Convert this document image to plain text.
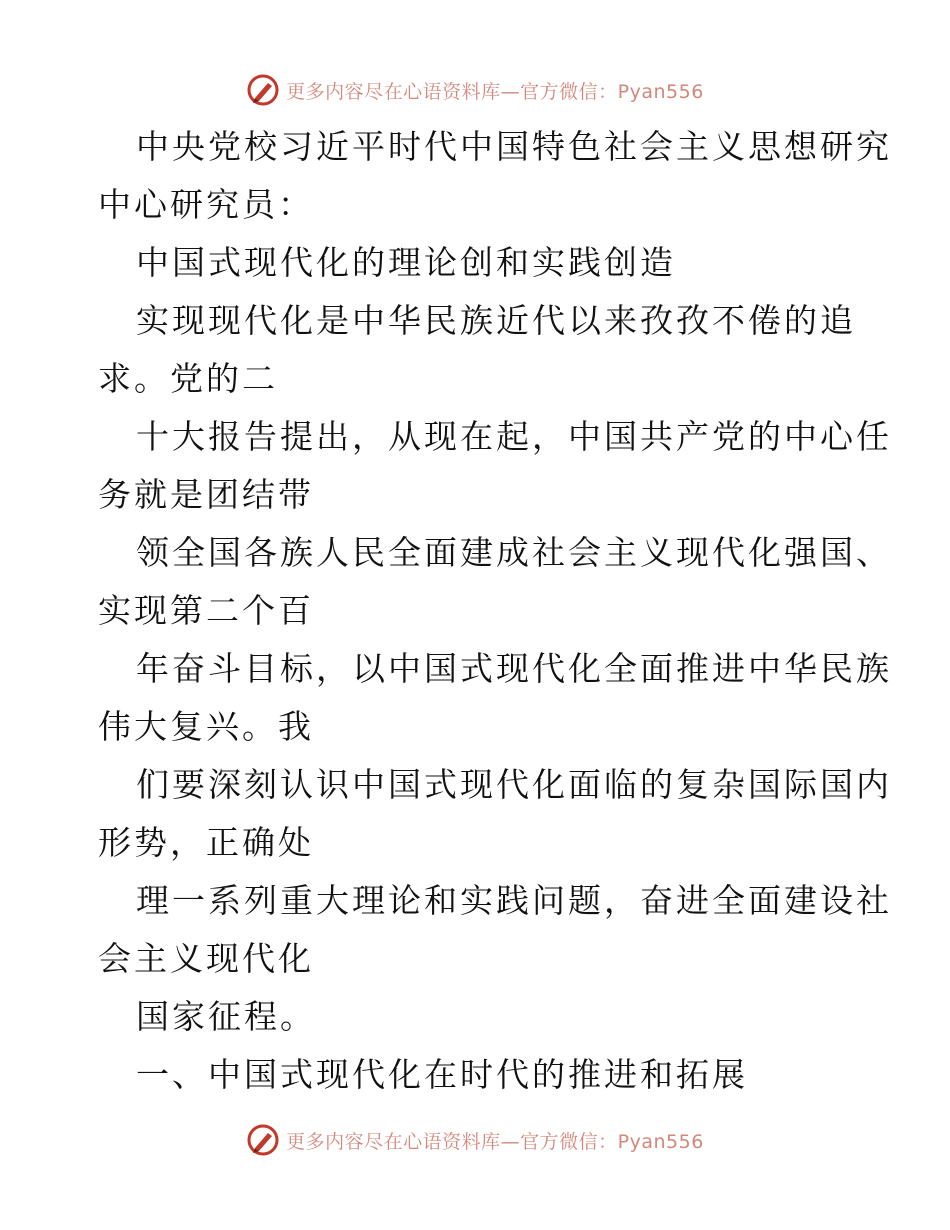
更多内容尽在心语资料库—官方微信：Pyan556
中央党校习近平时代中国特色社会主义思想研究
中心研究员：
中国式现代化的理论创和实践创造
实现现代化是中华民族近代以来孜孜不倦的追
求。党的二
十大报告提出，从现在起，中国共产党的中心任
务就是团结带
领全国各族人民全面建成社会主义现代化强国、
实现第二个百
年奋斗目标，以中国式现代化全面推进中华民族
伟大复兴。我
们要深刻认识中国式现代化面临的复杂国际国内
形势，正确处
理一系列重大理论和实践问题，奋进全面建设社
会主义现代化
国家征程。
一、中国式现代化在时代的推进和拓展
更多内容尽在心语资料库—官方微信：Pyan556
